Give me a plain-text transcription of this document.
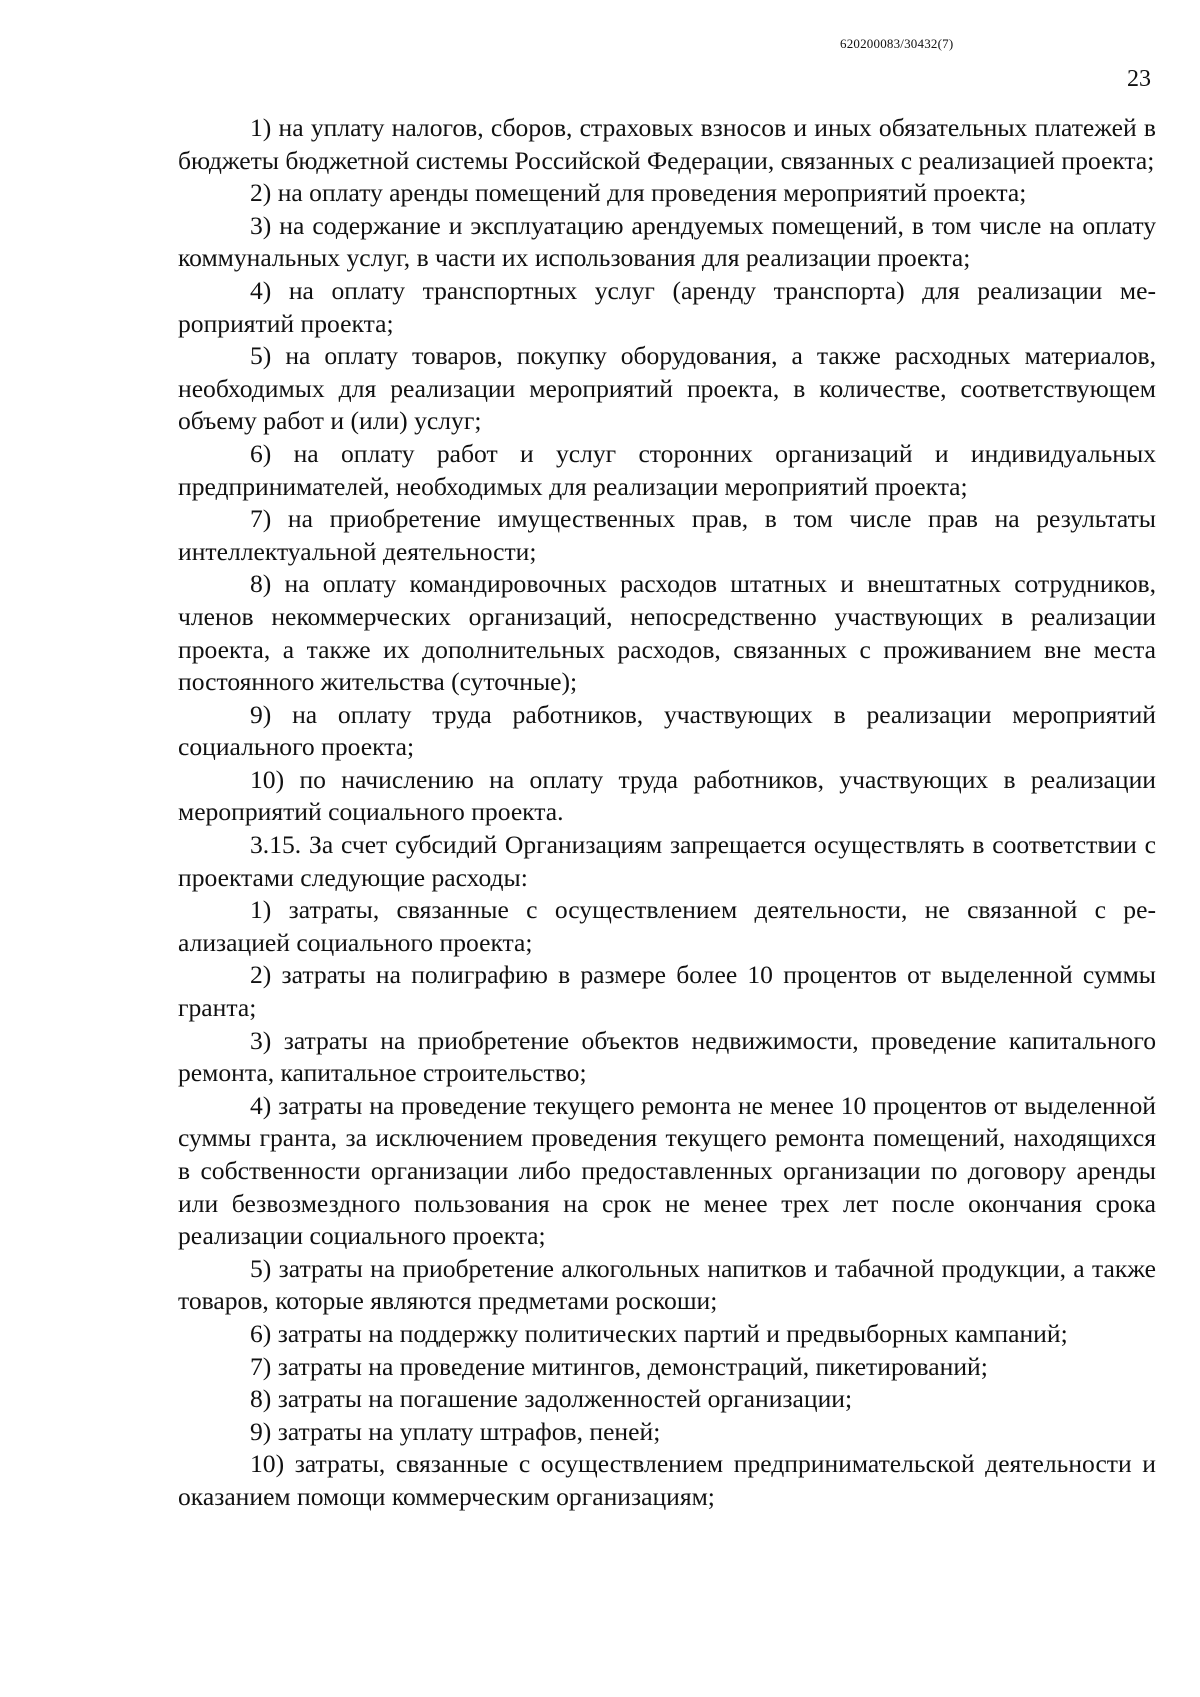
620200083/30432(7)
23

1) на уплату налогов, сборов, страховых взносов и иных обязательных платежей в бюджеты бюджетной системы Российской Федерации, связанных с реализацией проекта;

2) на оплату аренды помещений для проведения мероприятий проекта;

3) на содержание и эксплуатацию арендуемых помещений, в том числе на оплату коммунальных услуг, в части их использования для реализации проекта;

4) на оплату транспортных услуг (аренду транспорта) для реализации мероприятий проекта;

5) на оплату товаров, покупку оборудования, а также расходных материалов, необходимых для реализации мероприятий проекта, в количестве, соответствующем объему работ и (или) услуг;

6) на оплату работ и услуг сторонних организаций и индивидуальных предпринимателей, необходимых для реализации мероприятий проекта;

7) на приобретение имущественных прав, в том числе прав на результаты интеллектуальной деятельности;

8) на оплату командировочных расходов штатных и внештатных сотрудников, членов некоммерческих организаций, непосредственно участвующих в реализации проекта, а также их дополнительных расходов, связанных с проживанием вне места постоянного жительства (суточные);

9) на оплату труда работников, участвующих в реализации мероприятий социального проекта;

10) по начислению на оплату труда работников, участвующих в реализации мероприятий социального проекта.

3.15. За счет субсидий Организациям запрещается осуществлять в соответствии с проектами следующие расходы:

1) затраты, связанные с осуществлением деятельности, не связанной с реализацией социального проекта;

2) затраты на полиграфию в размере более 10 процентов от выделенной суммы гранта;

3) затраты на приобретение объектов недвижимости, проведение капитального ремонта, капитальное строительство;

4) затраты на проведение текущего ремонта не менее 10 процентов от выделенной суммы гранта, за исключением проведения текущего ремонта помещений, находящихся в собственности организации либо предоставленных организации по договору аренды или безвозмездного пользования на срок не менее трех лет после окончания срока реализации социального проекта;

5) затраты на приобретение алкогольных напитков и табачной продукции, а также товаров, которые являются предметами роскоши;

6) затраты на поддержку политических партий и предвыборных кампаний;

7) затраты на проведение митингов, демонстраций, пикетирований;

8) затраты на погашение задолженностей организации;

9) затраты на уплату штрафов, пеней;

10) затраты, связанные с осуществлением предпринимательской деятельности и оказанием помощи коммерческим организациям;
